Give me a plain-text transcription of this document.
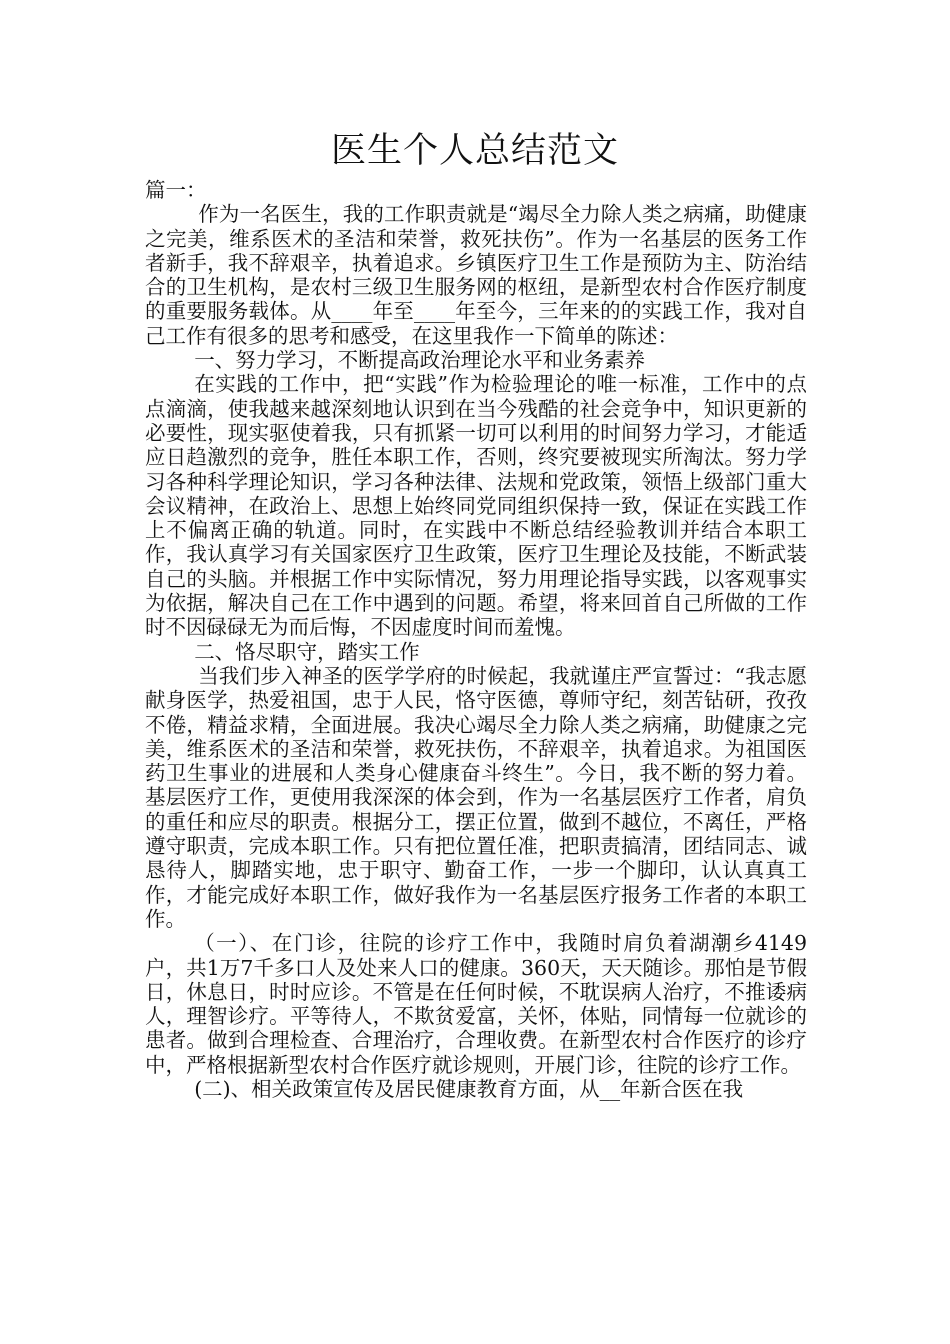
医生个人总结范文

篇一：

作为一名医生，我的工作职责就是“竭尽全力除人类之病痛，助健康之完美，维系医术的圣洁和荣誉，救死扶伤”。作为一名基层的医务工作者新手，我不辞艰辛，执着追求。乡镇医疗卫生工作是预防为主、防治结合的卫生机构，是农村三级卫生服务网的枢纽，是新型农村合作医疗制度的重要服务载体。从____年至____年至今，三年来的的实践工作，我对自己工作有很多的思考和感受，在这里我作一下简单的陈述：

一、努力学习，不断提高政治理论水平和业务素养

在实践的工作中，把“实践”作为检验理论的唯一标准，工作中的点点滴滴，使我越来越深刻地认识到在当今残酷的社会竞争中，知识更新的必要性，现实驱使着我，只有抓紧一切可以利用的时间努力学习，才能适应日趋激烈的竞争，胜任本职工作，否则，终究要被现实所淘汰。努力学习各种科学理论知识，学习各种法律、法规和党政策，领悟上级部门重大会议精神，在政治上、思想上始终同党同组织保持一致，保证在实践工作上不偏离正确的轨道。同时，在实践中不断总结经验教训并结合本职工作，我认真学习有关国家医疗卫生政策，医疗卫生理论及技能，不断武装自己的头脑。并根据工作中实际情况，努力用理论指导实践，以客观事实为依据，解决自己在工作中遇到的问题。希望，将来回首自己所做的工作时不因碌碌无为而后悔，不因虚度时间而羞愧。

二、恪尽职守，踏实工作

当我们步入神圣的医学学府的时候起，我就谨庄严宣誓过：“我志愿献身医学，热爱祖国，忠于人民，恪守医德，尊师守纪，刻苦钻研，孜孜不倦，精益求精，全面进展。我决心竭尽全力除人类之病痛，助健康之完美，维系医术的圣洁和荣誉，救死扶伤，不辞艰辛，执着追求。为祖国医药卫生事业的进展和人类身心健康奋斗终生”。今日，我不断的努力着。基层医疗工作，更使用我深深的体会到，作为一名基层医疗工作者，肩负的重任和应尽的职责。根据分工，摆正位置，做到不越位，不离任，严格遵守职责，完成本职工作。只有把位置任准，把职责搞清，团结同志、诚恳待人，脚踏实地，忠于职守、勤奋工作，一步一个脚印，认认真真工作，才能完成好本职工作，做好我作为一名基层医疗报务工作者的本职工作。

（一）、在门诊，往院的诊疗工作中，我随时肩负着湖潮乡4149户，共1万7千多口人及处来人口的健康。360天，天天随诊。那怕是节假日，休息日，时时应诊。不管是在任何时候，不耽误病人治疗，不推诿病人，理智诊疗。平等待人，不欺贫爱富，关怀，体贴，同情每一位就诊的患者。做到合理检查、合理治疗，合理收费。在新型农村合作医疗的诊疗中，严格根据新型农村合作医疗就诊规则，开展门诊，往院的诊疗工作。

(二)、相关政策宣传及居民健康教育方面，从__年新合医在我
